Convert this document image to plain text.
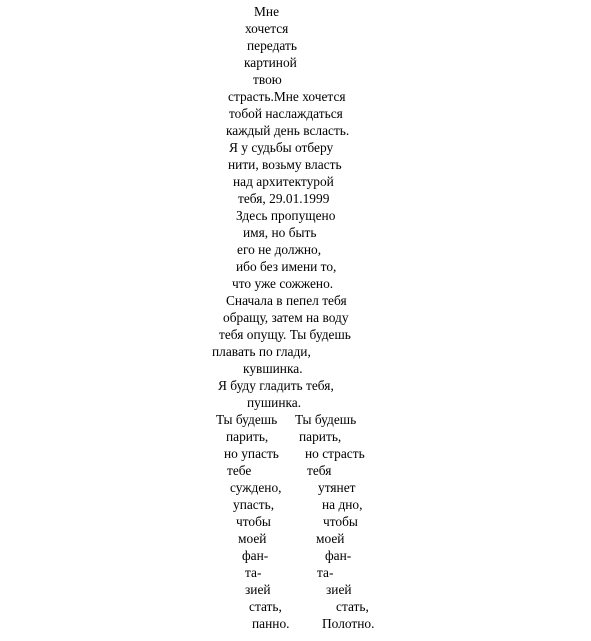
Мне
хочется
передать
картиной
твою
страсть.Мне хочется
тобой наслаждаться
каждый день всласть.
Я у судьбы отберу
нити, возьму власть
над архитектурой
тебя, 29.01.1999
Здесь пропущено
имя, но быть
его не должно,
ибо без имени то,
что уже сожжено.
Сначала в пепел тебя
обращу, затем на воду
тебя опущу. Ты будешь
плавать по глади,
кувшинка.
Я буду гладить тебя,
пушинка.
Ты будешь
парить,
но упасть
тебе
суждено,
упасть,
чтобы
моей
фан-
та-
зией
стать,
панно.
Ты будешь
парить,
но страсть
тебя
утянет
на дно,
чтобы
моей
фан-
та-
зией
стать,
Полотно.
